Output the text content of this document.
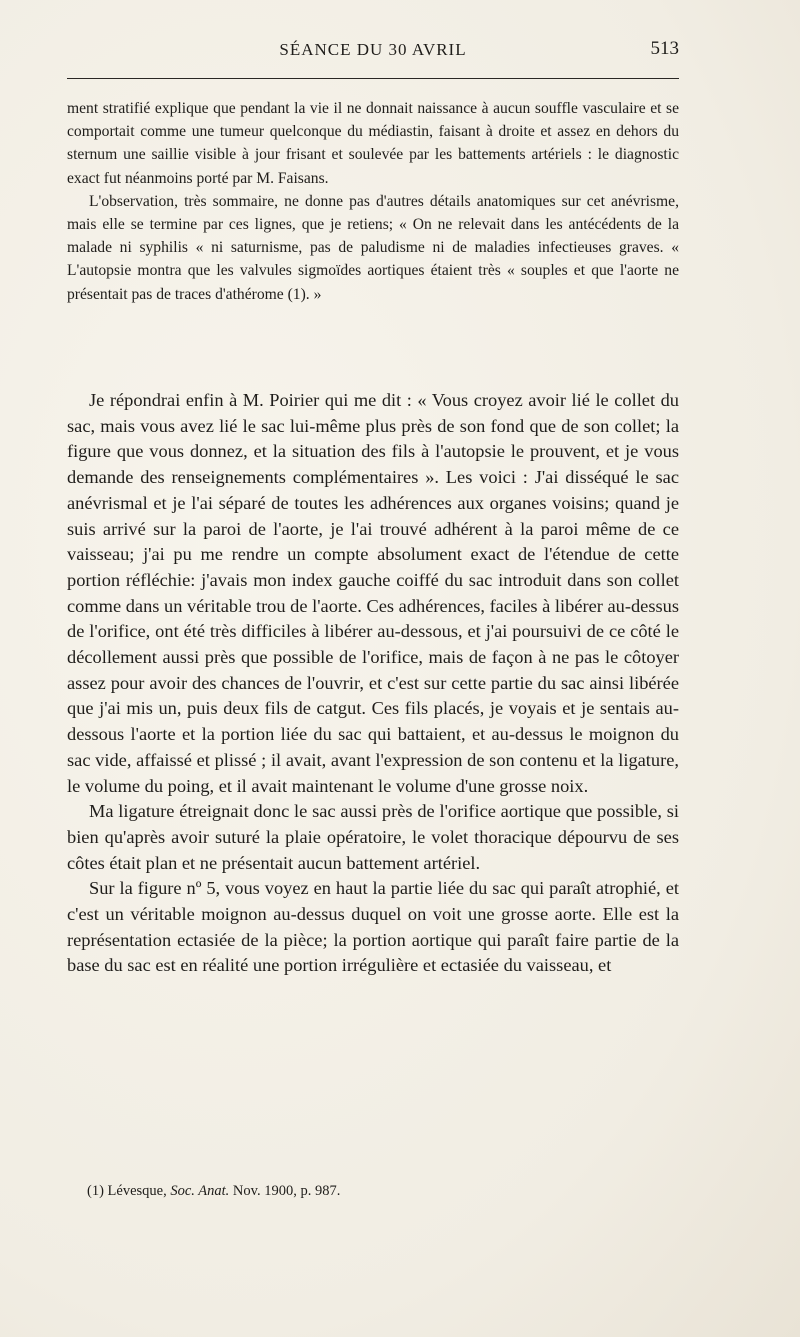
SÉANCE DU 30 AVRIL	513

ment stratifié explique que pendant la vie il ne donnait naissance à aucun souffle vasculaire et se comportait comme une tumeur quelconque du médiastin, faisant à droite et assez en dehors du sternum une saillie visible à jour frisant et soulevée par les battements artériels : le diagnostic exact fut néanmoins porté par M. Faisans.

L'observation, très sommaire, ne donne pas d'autres détails anatomiques sur cet anévrisme, mais elle se termine par ces lignes, que je retiens; « On ne relevait dans les antécédents de la malade ni syphilis « ni saturnisme, pas de paludisme ni de maladies infectieuses graves. « L'autopsie montra que les valvules sigmoïdes aortiques étaient très « souples et que l'aorte ne présentait pas de traces d'athérome (1). »

Je répondrai enfin à M. Poirier qui me dit : « Vous croyez avoir lié le collet du sac, mais vous avez lié le sac lui-même plus près de son fond que de son collet; la figure que vous donnez, et la situation des fils à l'autopsie le prouvent, et je vous demande des renseignements complémentaires ». Les voici : J'ai disséqué le sac anévrismal et je l'ai séparé de toutes les adhérences aux organes voisins; quand je suis arrivé sur la paroi de l'aorte, je l'ai trouvé adhérent à la paroi même de ce vaisseau; j'ai pu me rendre un compte absolument exact de l'étendue de cette portion réfléchie: j'avais mon index gauche coiffé du sac introduit dans son collet comme dans un véritable trou de l'aorte. Ces adhérences, faciles à libérer au-dessus de l'orifice, ont été très difficiles à libérer au-dessous, et j'ai poursuivi de ce côté le décollement aussi près que possible de l'orifice, mais de façon à ne pas le côtoyer assez pour avoir des chances de l'ouvrir, et c'est sur cette partie du sac ainsi libérée que j'ai mis un, puis deux fils de catgut. Ces fils placés, je voyais et je sentais au-dessous l'aorte et la portion liée du sac qui battaient, et au-dessus le moignon du sac vide, affaissé et plissé ; il avait, avant l'expression de son contenu et la ligature, le volume du poing, et il avait maintenant le volume d'une grosse noix.

Ma ligature étreignait donc le sac aussi près de l'orifice aortique que possible, si bien qu'après avoir suturé la plaie opératoire, le volet thoracique dépourvu de ses côtes était plan et ne présentait aucun battement artériel.

Sur la figure nº 5, vous voyez en haut la partie liée du sac qui paraît atrophié, et c'est un véritable moignon au-dessus duquel on voit une grosse aorte. Elle est la représentation ectasiée de la pièce; la portion aortique qui paraît faire partie de la base du sac est en réalité une portion irrégulière et ectasiée du vaisseau, et

(1) Lévesque, Soc. Anat. Nov. 1900, p. 987.
